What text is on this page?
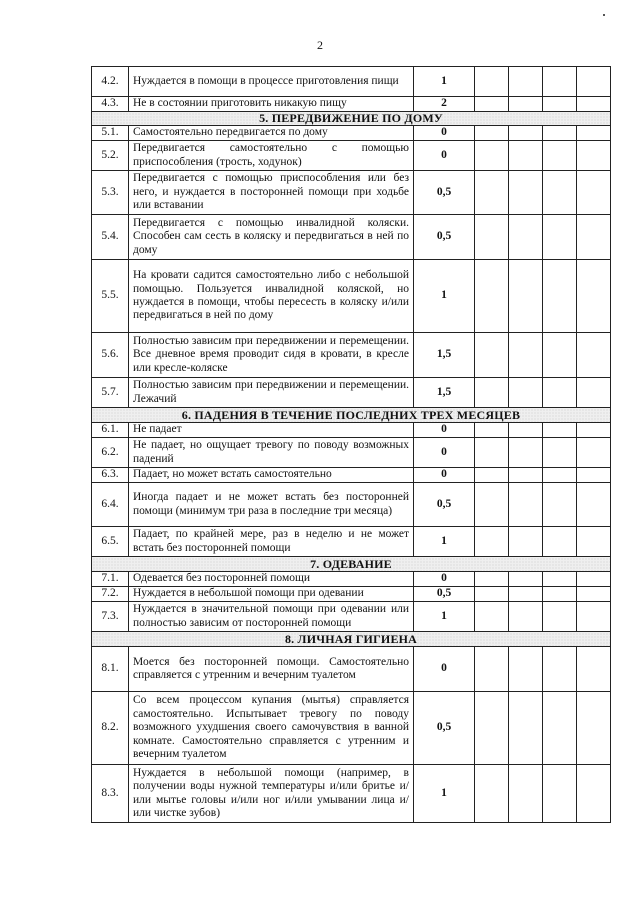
2
4.2.	Нуждается в помощи в процессе приготовления пищи	1				
4.3.	Не в состоянии приготовить никакую пищу	2				
5. ПЕРЕДВИЖЕНИЕ ПО ДОМУ						
5.1.	Самостоятельно передвигается по дому	0				
5.2.	Передвигается самостоятельно с помощью приспособления (трость, ходунок)	0				
5.3.	Передвигается с помощью приспособления или без него, и нуждается в посторонней помощи при ходьбе или вставании	0,5				
5.4.	Передвигается с помощью инвалидной коляски. Способен сам сесть в коляску и передвигаться в ней по дому	0,5				
5.5.	На кровати садится самостоятельно либо с небольшой помощью. Пользуется инвалидной коляской, но нуждается в помощи, чтобы пересесть в коляску и/или передвигаться в ней по дому	1				
5.6.	Полностью зависим при передвижении и перемещении. Все дневное время проводит сидя в кровати, в кресле или кресле-коляске	1,5				
5.7.	Полностью зависим при передвижении и перемещении. Лежачий	1,5				
6. ПАДЕНИЯ В ТЕЧЕНИЕ ПОСЛЕДНИХ ТРЕХ МЕСЯЦЕВ						
6.1.	Не падает	0				
6.2.	Не падает, но ощущает тревогу по поводу возможных падений	0				
6.3.	Падает, но может встать самостоятельно	0				
6.4.	Иногда падает и не может встать без посторонней помощи (минимум три раза в последние три месяца)	0,5				
6.5.	Падает, по крайней мере, раз в неделю и не может встать без посторонней помощи	1				
7. ОДЕВАНИЕ						
7.1.	Одевается без посторонней помощи	0				
7.2.	Нуждается в небольшой помощи при одевании	0,5				
7.3.	Нуждается в значительной помощи при одевании или полностью зависим от посторонней помощи	1				
8. ЛИЧНАЯ ГИГИЕНА						
8.1.	Моется без посторонней помощи. Самостоятельно справляется с утренним и вечерним туалетом	0				
8.2.	Со всем процессом купания (мытья) справляется самостоятельно. Испытывает тревогу по поводу возможного ухудшения своего самочувствия в ванной комнате. Самостоятельно справляется с утренним и вечерним туалетом	0,5				
8.3.	Нуждается в небольшой помощи (например, в получении воды нужной температуры и/или бритье и/или мытье головы и/или ног и/или умывании лица и/или чистке зубов)	1				
